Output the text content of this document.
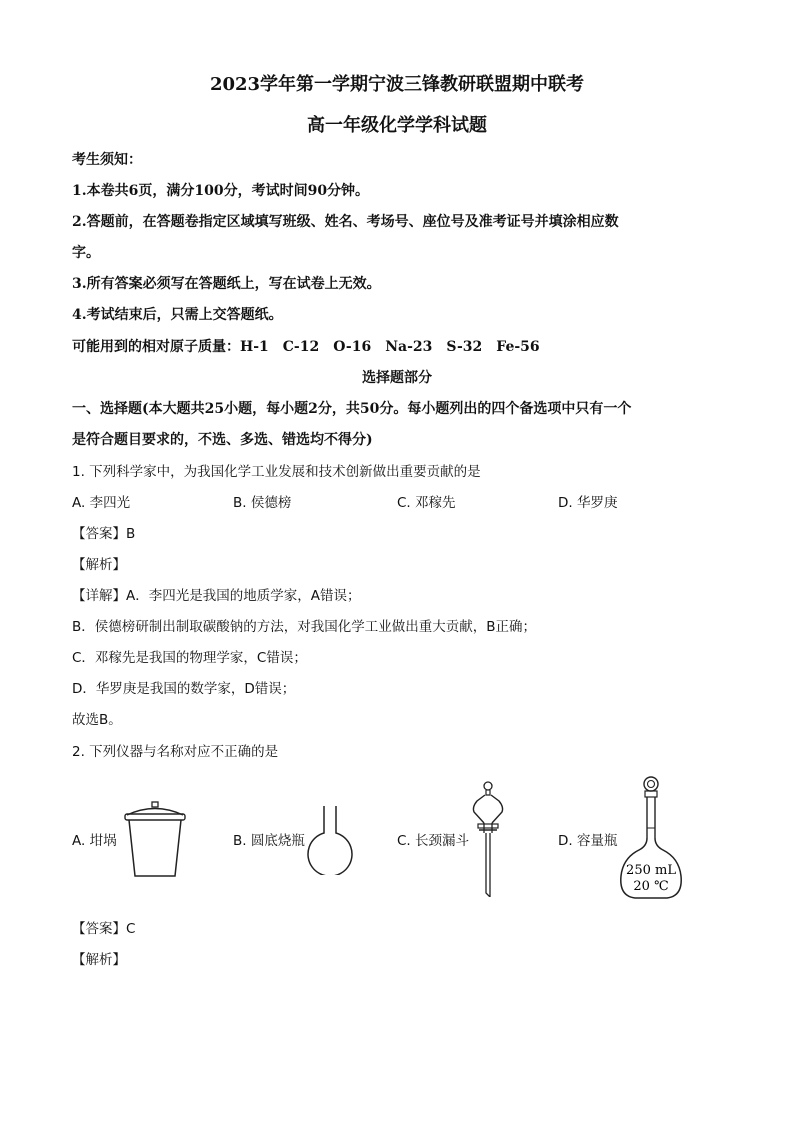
2023学年第一学期宁波三锋教研联盟期中联考
高一年级化学学科试题
考生须知：
1.本卷共6页，满分100分，考试时间90分钟。
2.答题前，在答题卷指定区域填写班级、姓名、考场号、座位号及准考证号并填涂相应数
字。
3.所有答案必须写在答题纸上，写在试卷上无效。
4.考试结束后，只需上交答题纸。
可能用到的相对原子质量：H-1　C-12　O-16　Na-23　S-32　Fe-56
选择题部分
一、选择题(本大题共25小题，每小题2分，共50分。每小题列出的四个备选项中只有一个
是符合题目要求的，不选、多选、错选均不得分)
1. 下列科学家中，为我国化学工业发展和技术创新做出重要贡献的是
A. 李四光	B. 侯德榜	C. 邓稼先	D. 华罗庚
【答案】B
【解析】
【详解】A．李四光是我国的地质学家，A错误；
B．侯德榜研制出制取碳酸钠的方法，对我国化学工业做出重大贡献，B正确；
C．邓稼先是我国的物理学家，C错误；
D．华罗庚是我国的数学家，D错误；
故选B。
2. 下列仪器与名称对应不正确的是
A. 坩埚	B. 圆底烧瓶	C. 长颈漏斗	D. 容量瓶
250 mL
20 ℃
【答案】C
【解析】
